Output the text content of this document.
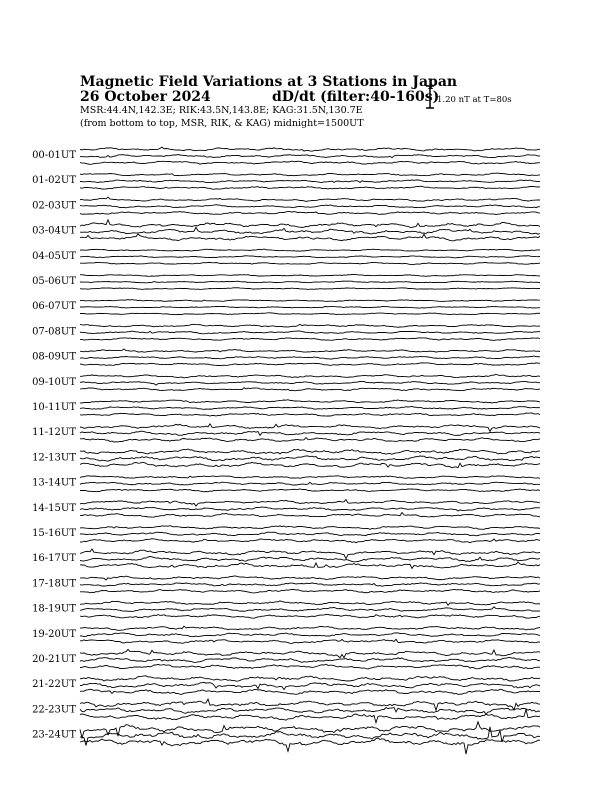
Magnetic Field Variations at 3 Stations in Japan
26 October 2024	dD/dt (filter:40-160s)
MSR:44.4N,142.3E; RIK:43.5N,143.8E; KAG:31.5N,130.7E
(from bottom to top, MSR, RIK, & KAG) midnight=1500UT
1.20 nT at T=80s
00-01UT
01-02UT
02-03UT
03-04UT
04-05UT
05-06UT
06-07UT
07-08UT
08-09UT
09-10UT
10-11UT
11-12UT
12-13UT
13-14UT
14-15UT
15-16UT
16-17UT
17-18UT
18-19UT
19-20UT
20-21UT
21-22UT
22-23UT
23-24UT
